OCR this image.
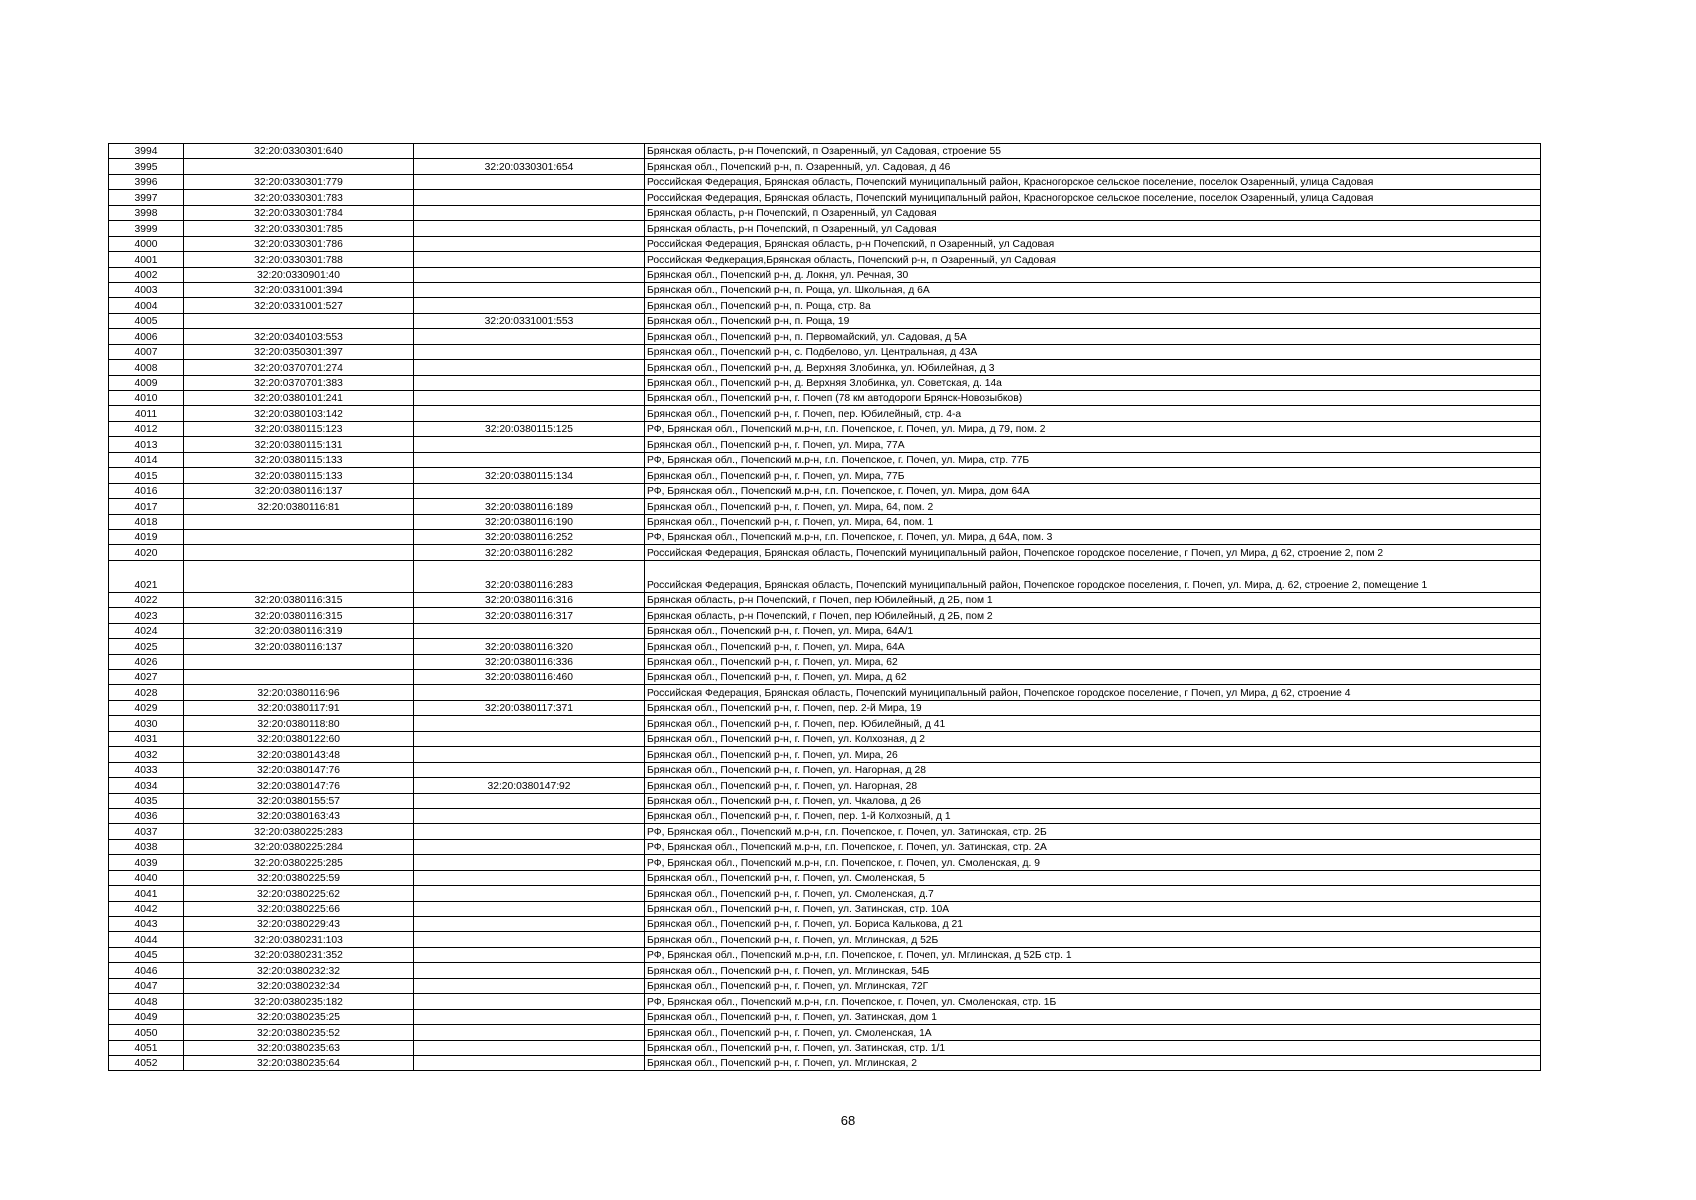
3994	32:20:0330301:640		Брянская область, р-н Почепский, п Озаренный, ул Садовая, строение 55
3995		32:20:0330301:654	Брянская обл., Почепский р-н, п. Озаренный, ул. Садовая, д 46
3996	32:20:0330301:779		Российская Федерация, Брянская область, Почепский муниципальный район, Красногорское сельское поселение, поселок Озаренный, улица Садовая
3997	32:20:0330301:783		Российская Федерация, Брянская область, Почепский муниципальный район, Красногорское сельское поселение, поселок Озаренный, улица Садовая
3998	32:20:0330301:784		Брянская область, р-н Почепский, п Озаренный, ул Садовая
3999	32:20:0330301:785		Брянская область, р-н Почепский, п Озаренный, ул Садовая
4000	32:20:0330301:786		Российская Федерация, Брянская область, р-н Почепский, п Озаренный, ул Садовая
4001	32:20:0330301:788		Российская Федкерация,Брянская область, Почепский р-н, п Озаренный, ул Садовая
4002	32:20:0330901:40		Брянская обл., Почепский р-н, д. Локня, ул. Речная, 30
4003	32:20:0331001:394		Брянская обл., Почепский р-н, п. Роща, ул. Школьная, д 6А
4004	32:20:0331001:527		Брянская обл., Почепский р-н, п. Роща, стр. 8а
4005		32:20:0331001:553	Брянская обл., Почепский р-н, п. Роща, 19
4006	32:20:0340103:553		Брянская обл., Почепский р-н, п. Первомайский, ул. Садовая, д 5А
4007	32:20:0350301:397		Брянская обл., Почепский р-н, с. Подбелово, ул. Центральная, д 43А
4008	32:20:0370701:274		Брянская обл., Почепский р-н, д. Верхняя Злобинка, ул. Юбилейная, д 3
4009	32:20:0370701:383		Брянская обл., Почепский р-н, д. Верхняя Злобинка, ул. Советская, д. 14а
4010	32:20:0380101:241		Брянская обл., Почепский р-н, г. Почеп (78 км автодороги Брянск-Новозыбков)
4011	32:20:0380103:142		Брянская обл., Почепский р-н, г. Почеп, пер. Юбилейный, стр. 4-а
4012	32:20:0380115:123	32:20:0380115:125	РФ, Брянская обл., Почепский м.р-н, г.п. Почепское, г. Почеп, ул. Мира, д 79, пом. 2
4013	32:20:0380115:131		Брянская обл., Почепский р-н, г. Почеп, ул. Мира, 77А
4014	32:20:0380115:133		РФ, Брянская обл., Почепский м.р-н, г.п. Почепское, г. Почеп, ул. Мира, стр. 77Б
4015	32:20:0380115:133	32:20:0380115:134	Брянская обл., Почепский р-н, г. Почеп, ул. Мира, 77Б
4016	32:20:0380116:137		РФ, Брянская обл., Почепский м.р-н, г.п. Почепское, г. Почеп, ул. Мира, дом 64А
4017	32:20:0380116:81	32:20:0380116:189	Брянская обл., Почепский р-н, г. Почеп, ул. Мира, 64, пом. 2
4018		32:20:0380116:190	Брянская обл., Почепский р-н, г. Почеп, ул. Мира, 64, пом. 1
4019		32:20:0380116:252	РФ, Брянская обл., Почепский м.р-н, г.п. Почепское, г. Почеп, ул. Мира, д 64А, пом. 3
4020		32:20:0380116:282	Российская Федерация, Брянская область, Почепский муниципальный район, Почепское городское поселение, г Почеп, ул Мира, д 62, строение 2, пом 2
4021		32:20:0380116:283	Российская Федерация, Брянская область, Почепский муниципальный район, Почепское городское поселения, г. Почеп, ул. Мира, д. 62, строение 2, помещение 1
4022	32:20:0380116:315	32:20:0380116:316	Брянская область, р-н Почепский, г Почеп, пер Юбилейный, д 2Б, пом 1
4023	32:20:0380116:315	32:20:0380116:317	Брянская область, р-н Почепский, г Почеп, пер Юбилейный, д 2Б, пом 2
4024	32:20:0380116:319		Брянская обл., Почепский р-н, г. Почеп, ул. Мира, 64А/1
4025	32:20:0380116:137	32:20:0380116:320	Брянская обл., Почепский р-н, г. Почеп, ул. Мира, 64А
4026		32:20:0380116:336	Брянская обл., Почепский р-н, г. Почеп, ул. Мира, 62
4027		32:20:0380116:460	Брянская обл., Почепский р-н, г. Почеп, ул. Мира, д 62
4028	32:20:0380116:96		Российская Федерация, Брянская область, Почепский муниципальный район, Почепское городское поселение, г Почеп, ул Мира, д 62, строение 4
4029	32:20:0380117:91	32:20:0380117:371	Брянская обл., Почепский р-н, г. Почеп, пер. 2-й Мира, 19
4030	32:20:0380118:80		Брянская обл., Почепский р-н, г. Почеп, пер. Юбилейный, д 41
4031	32:20:0380122:60		Брянская обл., Почепский р-н, г. Почеп, ул. Колхозная, д 2
4032	32:20:0380143:48		Брянская обл., Почепский р-н, г. Почеп, ул. Мира, 26
4033	32:20:0380147:76		Брянская обл., Почепский р-н, г. Почеп, ул. Нагорная, д 28
4034	32:20:0380147:76	32:20:0380147:92	Брянская обл., Почепский р-н, г. Почеп, ул. Нагорная, 28
4035	32:20:0380155:57		Брянская обл., Почепский р-н, г. Почеп, ул. Чкалова, д 26
4036	32:20:0380163:43		Брянская обл., Почепский р-н, г. Почеп, пер. 1-й Колхозный, д 1
4037	32:20:0380225:283		РФ, Брянская обл., Почепский м.р-н, г.п. Почепское, г. Почеп, ул. Затинская, стр. 2Б
4038	32:20:0380225:284		РФ, Брянская обл., Почепский м.р-н, г.п. Почепское, г. Почеп, ул. Затинская, стр. 2А
4039	32:20:0380225:285		РФ, Брянская обл., Почепский м.р-н, г.п. Почепское, г. Почеп, ул. Смоленская, д. 9
4040	32:20:0380225:59		Брянская обл., Почепский р-н, г. Почеп, ул. Смоленская, 5
4041	32:20:0380225:62		Брянская обл., Почепский р-н, г. Почеп, ул. Смоленская, д.7
4042	32:20:0380225:66		Брянская обл., Почепский р-н, г. Почеп, ул. Затинская, стр. 10А
4043	32:20:0380229:43		Брянская обл., Почепский р-н, г. Почеп, ул. Бориса Калькова, д 21
4044	32:20:0380231:103		Брянская обл., Почепский р-н, г. Почеп, ул. Мглинская, д 52Б
4045	32:20:0380231:352		РФ, Брянская обл., Почепский м.р-н, г.п. Почепское, г. Почеп, ул. Мглинская, д 52Б стр. 1
4046	32:20:0380232:32		Брянская обл., Почепский р-н, г. Почеп, ул. Мглинская, 54Б
4047	32:20:0380232:34		Брянская обл., Почепский р-н, г. Почеп, ул. Мглинская, 72Г
4048	32:20:0380235:182		РФ, Брянская обл., Почепский м.р-н, г.п. Почепское, г. Почеп, ул. Смоленская, стр. 1Б
4049	32:20:0380235:25		Брянская обл., Почепский р-н, г. Почеп, ул. Затинская, дом 1
4050	32:20:0380235:52		Брянская обл., Почепский р-н, г. Почеп, ул. Смоленская, 1А
4051	32:20:0380235:63		Брянская обл., Почепский р-н, г. Почеп, ул. Затинская, стр. 1/1
4052	32:20:0380235:64		Брянская обл., Почепский р-н, г. Почеп, ул. Мглинская, 2
68
